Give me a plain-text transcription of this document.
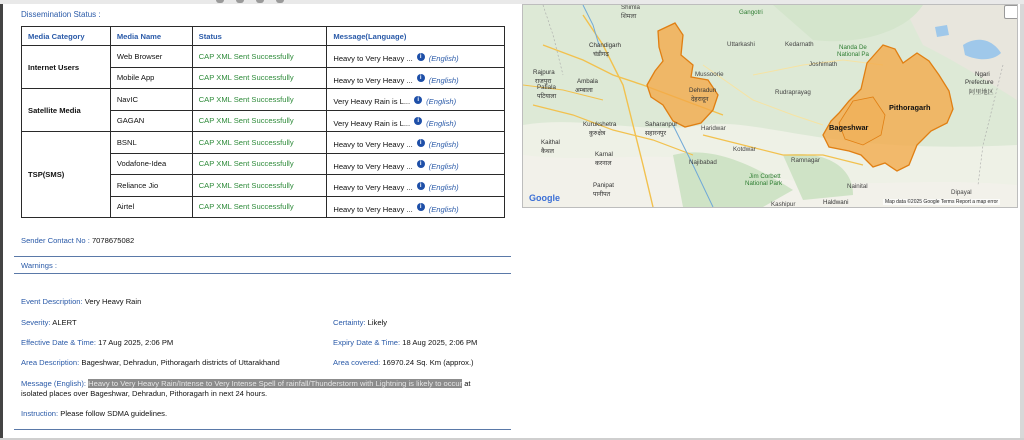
Dissemination Status :
Media Category	Media Name	Status	Message(Language)
Internet Users	Web Browser	CAP XML Sent Successfully	Heavy to Very Heavy ... i (English)
	Mobile App	CAP XML Sent Successfully	Heavy to Very Heavy ... i (English)
Satellite Media	NavIC	CAP XML Sent Successfully	Very Heavy Rain is L... i (English)
	GAGAN	CAP XML Sent Successfully	Very Heavy Rain is L... i (English)
TSP(SMS)	BSNL	CAP XML Sent Successfully	Heavy to Very Heavy ... i (English)
	Vodafone-Idea	CAP XML Sent Successfully	Heavy to Very Heavy ... i (English)
	Reliance Jio	CAP XML Sent Successfully	Heavy to Very Heavy ... i (English)
	Airtel	CAP XML Sent Successfully	Heavy to Very Heavy ... i (English)
Shimla
शिमला
Chandigarh
चंडीगढ़
Rajpura
राजपुरा
Patiala
पटियाला
Ambala
अम्बाला
Kurukshetra
कुरुक्षेत्र
Saharanpur
सहारनपुर
Kaithal
कैथल	Karnal
करनाल
Panipat
पानीपत
Mussoorie
Dehradun
देहरादून
Haridwar
Kotdwar
Najibabad
Uttarkashi
Gangotri
Kedarnath	Nanda De
National Pa
Joshimath
Rudraprayag
Bageshwar
Pithoragarh
Ngari
Prefecture
阿里地区
Jim Corbett
National Park
Haldwani
Nainital
Ramnagar
Dipayal
Kashipur
Google	Map data ©2025 Google Terms Report a map error
Sender Contact No : 7078675082
Warnings :
Event Description: Very Heavy Rain
Severity: ALERT	Certainty: Likely
Effective Date & Time: 17 Aug 2025, 2:06 PM	Expiry Date & Time: 18 Aug 2025, 2:06 PM
Area Description: Bageshwar, Dehradun, Pithoragarh districts of Uttarakhand	Area covered: 16970.24 Sq. Km (approx.)
Message (English): Heavy to Very Heavy Rain/Intense to Very Intense Spell of rainfall/Thunderstorm with Lightning is likely to occur at
isolated places over Bageshwar, Dehradun, Pithoragarh in next 24 hours.
Instruction: Please follow SDMA guidelines.
